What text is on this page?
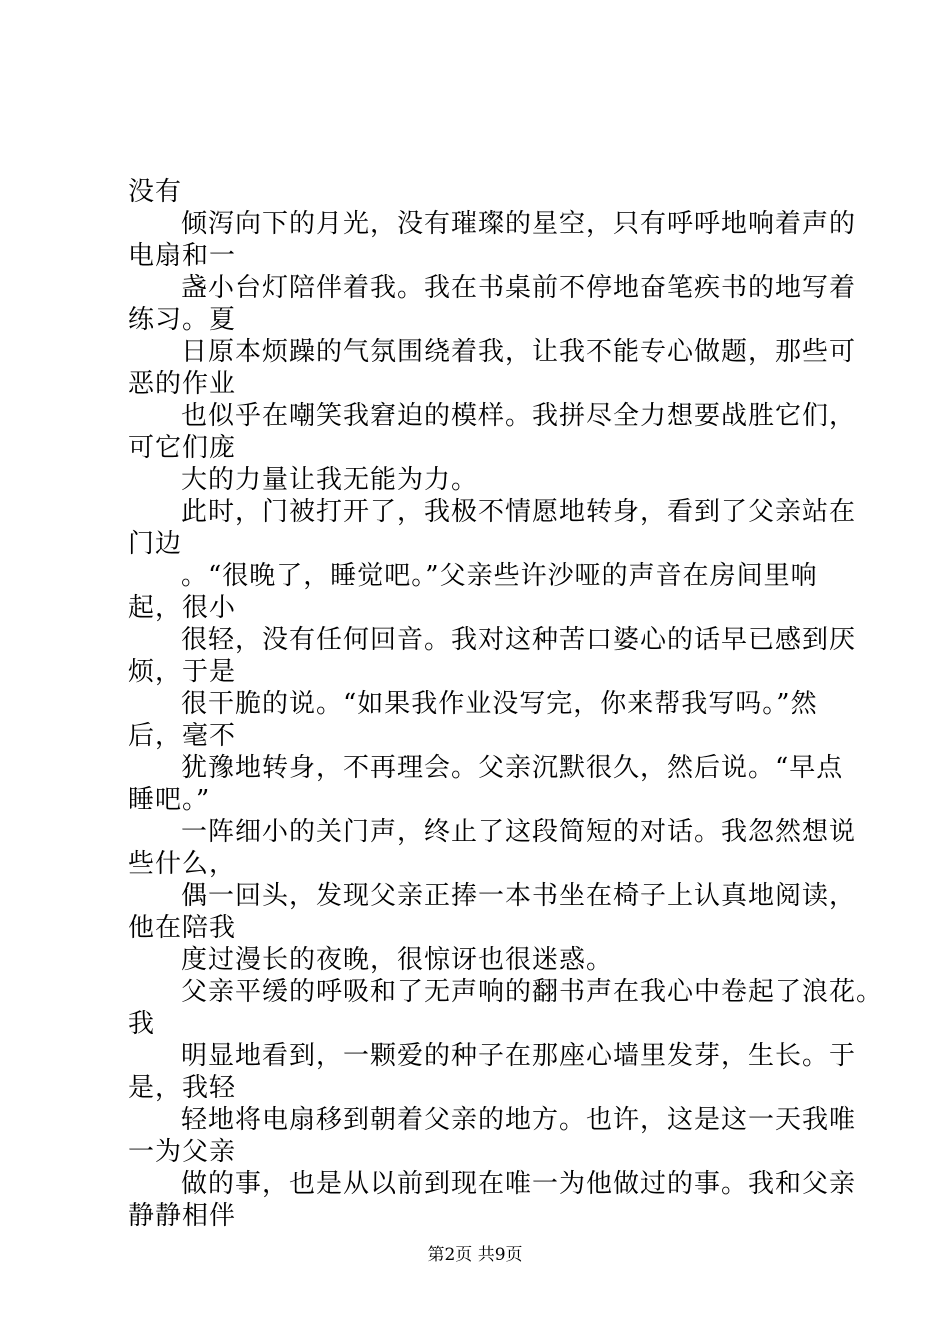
没有
倾泻向下的月光，没有璀璨的星空，只有呼呼地响着声的
电扇和一
盏小台灯陪伴着我。我在书桌前不停地奋笔疾书的地写着
练习。夏
日原本烦躁的气氛围绕着我，让我不能专心做题，那些可
恶的作业
也似乎在嘲笑我窘迫的模样。我拼尽全力想要战胜它们，
可它们庞
大的力量让我无能为力。
此时，门被打开了，我极不情愿地转身，看到了父亲站在
门边
。“很晚了，睡觉吧。”父亲些许沙哑的声音在房间里响
起，很小
很轻，没有任何回音。我对这种苦口婆心的话早已感到厌
烦，于是
很干脆的说。“如果我作业没写完，你来帮我写吗。”然
后，毫不
犹豫地转身，不再理会。父亲沉默很久，然后说。“早点
睡吧。”
一阵细小的关门声，终止了这段简短的对话。我忽然想说
些什么，
偶一回头，发现父亲正捧一本书坐在椅子上认真地阅读，
他在陪我
度过漫长的夜晚，很惊讶也很迷惑。
父亲平缓的呼吸和了无声响的翻书声在我心中卷起了浪花。
我
明显地看到，一颗爱的种子在那座心墙里发芽，生长。于
是，我轻
轻地将电扇移到朝着父亲的地方。也许，这是这一天我唯
一为父亲
做的事，也是从以前到现在唯一为他做过的事。我和父亲
静静相伴
第2页 共9页
